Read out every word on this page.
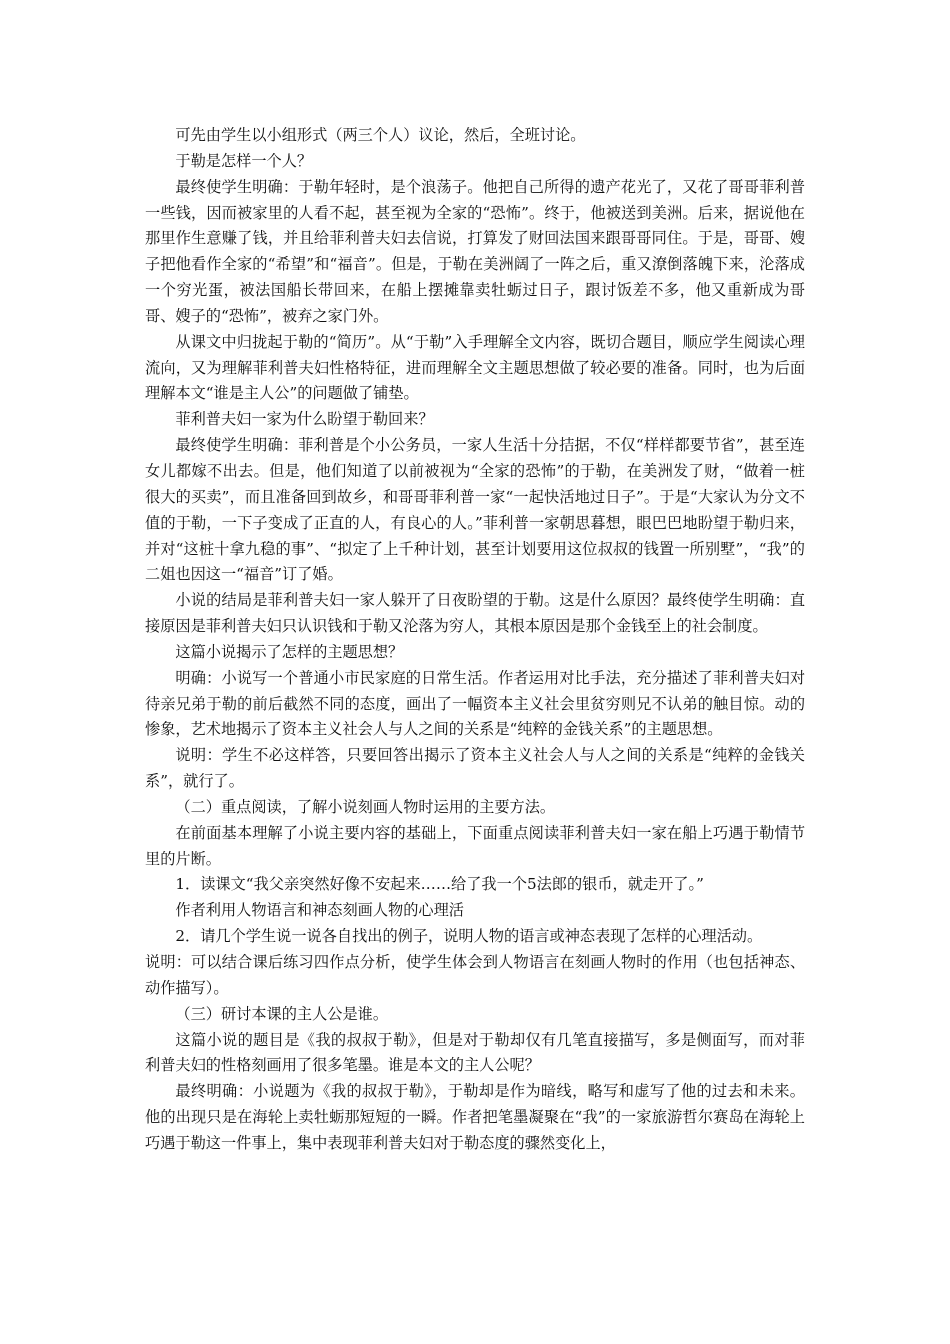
可先由学生以小组形式（两三个人）议论，然后，全班讨论。

于勒是怎样一个人？

最终使学生明确：于勒年轻时，是个浪荡子。他把自己所得的遗产花光了，又花了哥哥菲利普一些钱，因而被家里的人看不起，甚至视为全家的“恐怖”。终于，他被送到美洲。后来，据说他在那里作生意赚了钱，并且给菲利普夫妇去信说，打算发了财回法国来跟哥哥同住。于是，哥哥、嫂子把他看作全家的“希望”和“福音”。但是，于勒在美洲阔了一阵之后，重又潦倒落魄下来，沦落成一个穷光蛋，被法国船长带回来，在船上摆摊靠卖牡蛎过日子，跟讨饭差不多，他又重新成为哥哥、嫂子的“恐怖”，被弃之家门外。

从课文中归拢起于勒的“简历”。从“于勒”入手理解全文内容，既切合题目，顺应学生阅读心理流向，又为理解菲利普夫妇性格特征，进而理解全文主题思想做了较必要的准备。同时，也为后面理解本文“谁是主人公”的问题做了铺垫。

菲利普夫妇一家为什么盼望于勒回来？

最终使学生明确：菲利普是个小公务员，一家人生活十分拮据，不仅“样样都要节省”，甚至连女儿都嫁不出去。但是，他们知道了以前被视为“全家的恐怖”的于勒，在美洲发了财，“做着一桩很大的买卖”，而且准备回到故乡，和哥哥菲利普一家“一起快活地过日子”。于是“大家认为分文不值的于勒，一下子变成了正直的人，有良心的人。”菲利普一家朝思暮想，眼巴巴地盼望于勒归来，并对“这桩十拿九稳的事”、“拟定了上千种计划，甚至计划要用这位叔叔的钱置一所别墅”，“我”的二姐也因这一“福音”订了婚。

小说的结局是菲利普夫妇一家人躲开了日夜盼望的于勒。这是什么原因？最终使学生明确：直接原因是菲利普夫妇只认识钱和于勒又沦落为穷人，其根本原因是那个金钱至上的社会制度。

这篇小说揭示了怎样的主题思想？

明确：小说写一个普通小市民家庭的日常生活。作者运用对比手法，充分描述了菲利普夫妇对待亲兄弟于勒的前后截然不同的态度，画出了一幅资本主义社会里贫穷则兄不认弟的触目惊。动的惨象，艺术地揭示了资本主义社会人与人之间的关系是“纯粹的金钱关系”的主题思想。

说明：学生不必这样答，只要回答出揭示了资本主义社会人与人之间的关系是“纯粹的金钱关系”，就行了。

（二）重点阅读，了解小说刻画人物时运用的主要方法。

在前面基本理解了小说主要内容的基础上，下面重点阅读菲利普夫妇一家在船上巧遇于勒情节里的片断。

1．读课文“我父亲突然好像不安起来……给了我一个5法郎的银币，就走开了。”

作者利用人物语言和神态刻画人物的心理活

2．请几个学生说一说各自找出的例子，说明人物的语言或神态表现了怎样的心理活动。

说明：可以结合课后练习四作点分析，使学生体会到人物语言在刻画人物时的作用（也包括神态、动作描写）。

（三）研讨本课的主人公是谁。

这篇小说的题目是《我的叔叔于勒》，但是对于勒却仅有几笔直接描写，多是侧面写，而对菲利普夫妇的性格刻画用了很多笔墨。谁是本文的主人公呢？

最终明确：小说题为《我的叔叔于勒》，于勒却是作为暗线，略写和虚写了他的过去和未来。他的出现只是在海轮上卖牡蛎那短短的一瞬。作者把笔墨凝聚在“我”的一家旅游哲尔赛岛在海轮上巧遇于勒这一件事上，集中表现菲利普夫妇对于勒态度的骤然变化上，
